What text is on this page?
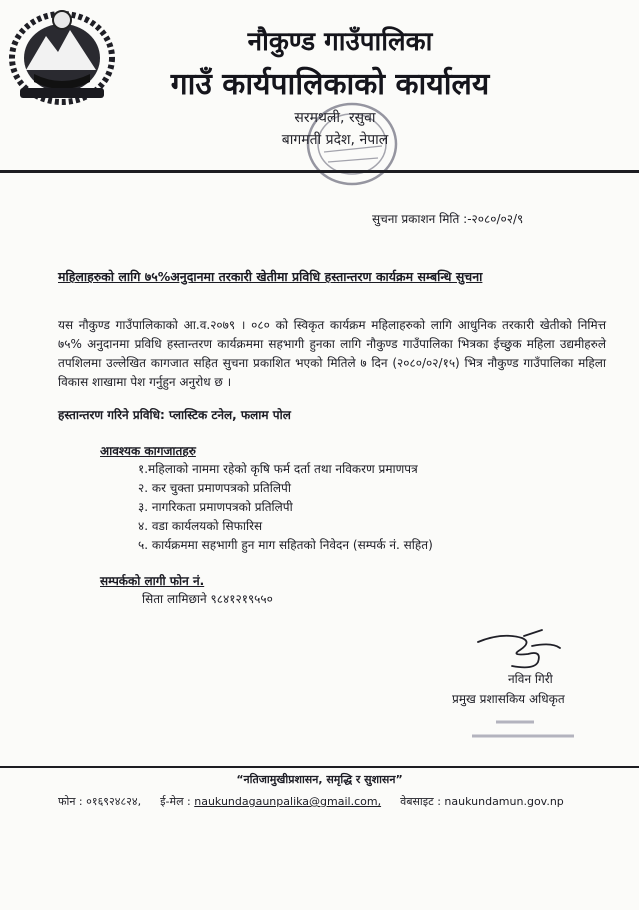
नौकुण्ड गाउँपालिका
गाउँ कार्यपालिकाको कार्यालय
सरमथली, रसुवा
बागमती प्रदेश, नेपाल
सुचना प्रकाशन मिति :-२०८०/०२/९
महिलाहरुको लागि ७५%अनुदानमा तरकारी खेतीमा प्रविधि हस्तान्तरण कार्यक्रम सम्बन्धि सुचना
यस नौकुण्ड गाउँपालिकाको आ.व.२०७९ । ०८० को स्विकृत कार्यक्रम महिलाहरुको लागि आधुनिक तरकारी खेतीको निमित्त ७५% अनुदानमा प्रविधि हस्तान्तरण कार्यक्रममा सहभागी हुनका लागि नौकुण्ड गाउँपालिका भित्रका ईच्छुक महिला उद्यमीहरुले तपशिलमा उल्लेखित कागजात सहित सुचना प्रकाशित भएको मितिले ७ दिन (२०८०/०२/१५) भित्र नौकुण्ड गाउँपालिका महिला विकास शाखामा पेश गर्नुहुन अनुरोध छ ।
हस्तान्तरण गरिने प्रविधि: प्लास्टिक टनेल, फलाम पोल
आवश्यक कागजातहरु
१.महिलाको नाममा रहेको कृषि फर्म दर्ता तथा नविकरण प्रमाणपत्र
२. कर चुक्ता प्रमाणपत्रको प्रतिलिपी
३. नागरिकता प्रमाणपत्रको प्रतिलिपी
४. वडा कार्यलयको सिफारिस
५. कार्यक्रममा सहभागी हुन माग सहितको निवेदन (सम्पर्क नं. सहित)
सम्पर्कको लागी फोन नं.
सिता लामिछाने ९८४१२१९५५०
नविन गिरी
प्रमुख प्रशासकिय अधिकृत
“नतिजामुखीप्रशासन, समृद्धि र सुशासन”
फोन : ०१६९२४८२४, ई-मेल : naukundagaunpalika@gmail.com, वेबसाइट : naukundamun.gov.np
